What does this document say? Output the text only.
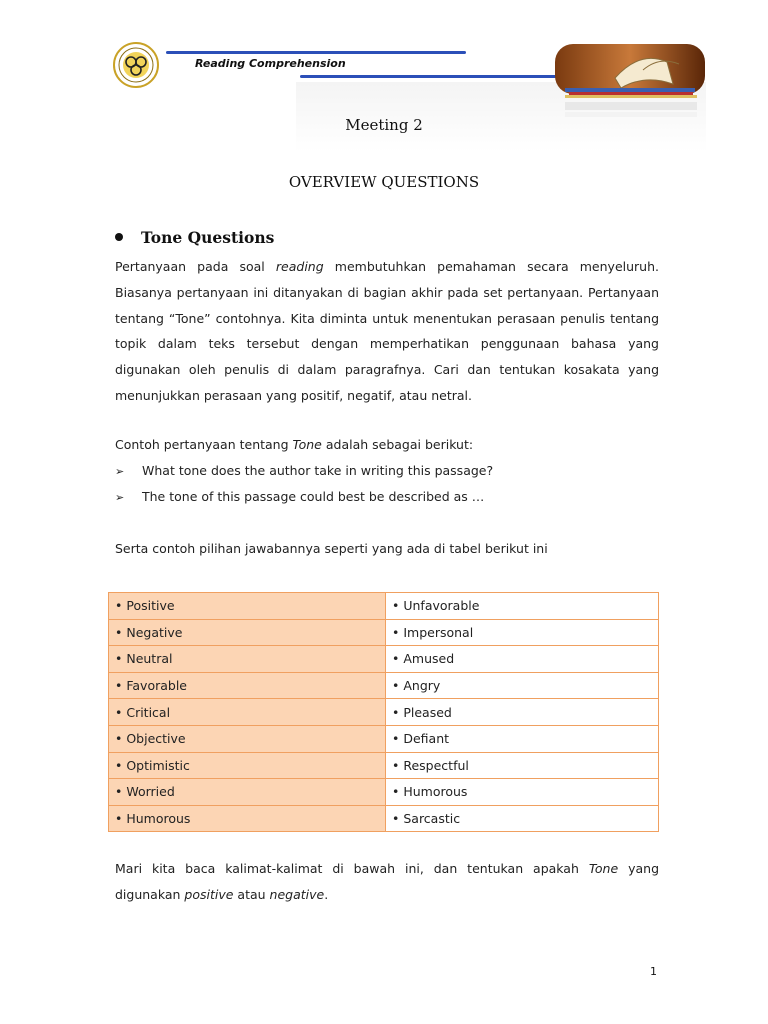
Reading Comprehension
Meeting 2
OVERVIEW QUESTIONS
Tone Questions
Pertanyaan pada soal reading membutuhkan pemahaman secara menyeluruh. Biasanya pertanyaan ini ditanyakan di bagian akhir pada set pertanyaan. Pertanyaan tentang “Tone” contohnya. Kita diminta untuk menentukan perasaan penulis tentang topik dalam teks tersebut dengan memperhatikan penggunaan bahasa yang digunakan oleh penulis di dalam paragrafnya. Cari dan tentukan kosakata yang menunjukkan perasaan yang positif, negatif, atau netral.
Contoh pertanyaan tentang Tone adalah sebagai berikut:
➢ What tone does the author take in writing this passage?
➢ The tone of this passage could best be described as …
Serta contoh pilihan jawabannya seperti yang ada di tabel berikut ini
• Positive	• Unfavorable
• Negative	• Impersonal
• Neutral	• Amused
• Favorable	• Angry
• Critical	• Pleased
• Objective	• Defiant
• Optimistic	• Respectful
• Worried	• Humorous
• Humorous	• Sarcastic
Mari kita baca kalimat-kalimat di bawah ini, dan tentukan apakah Tone yang digunakan positive atau negative.
1
